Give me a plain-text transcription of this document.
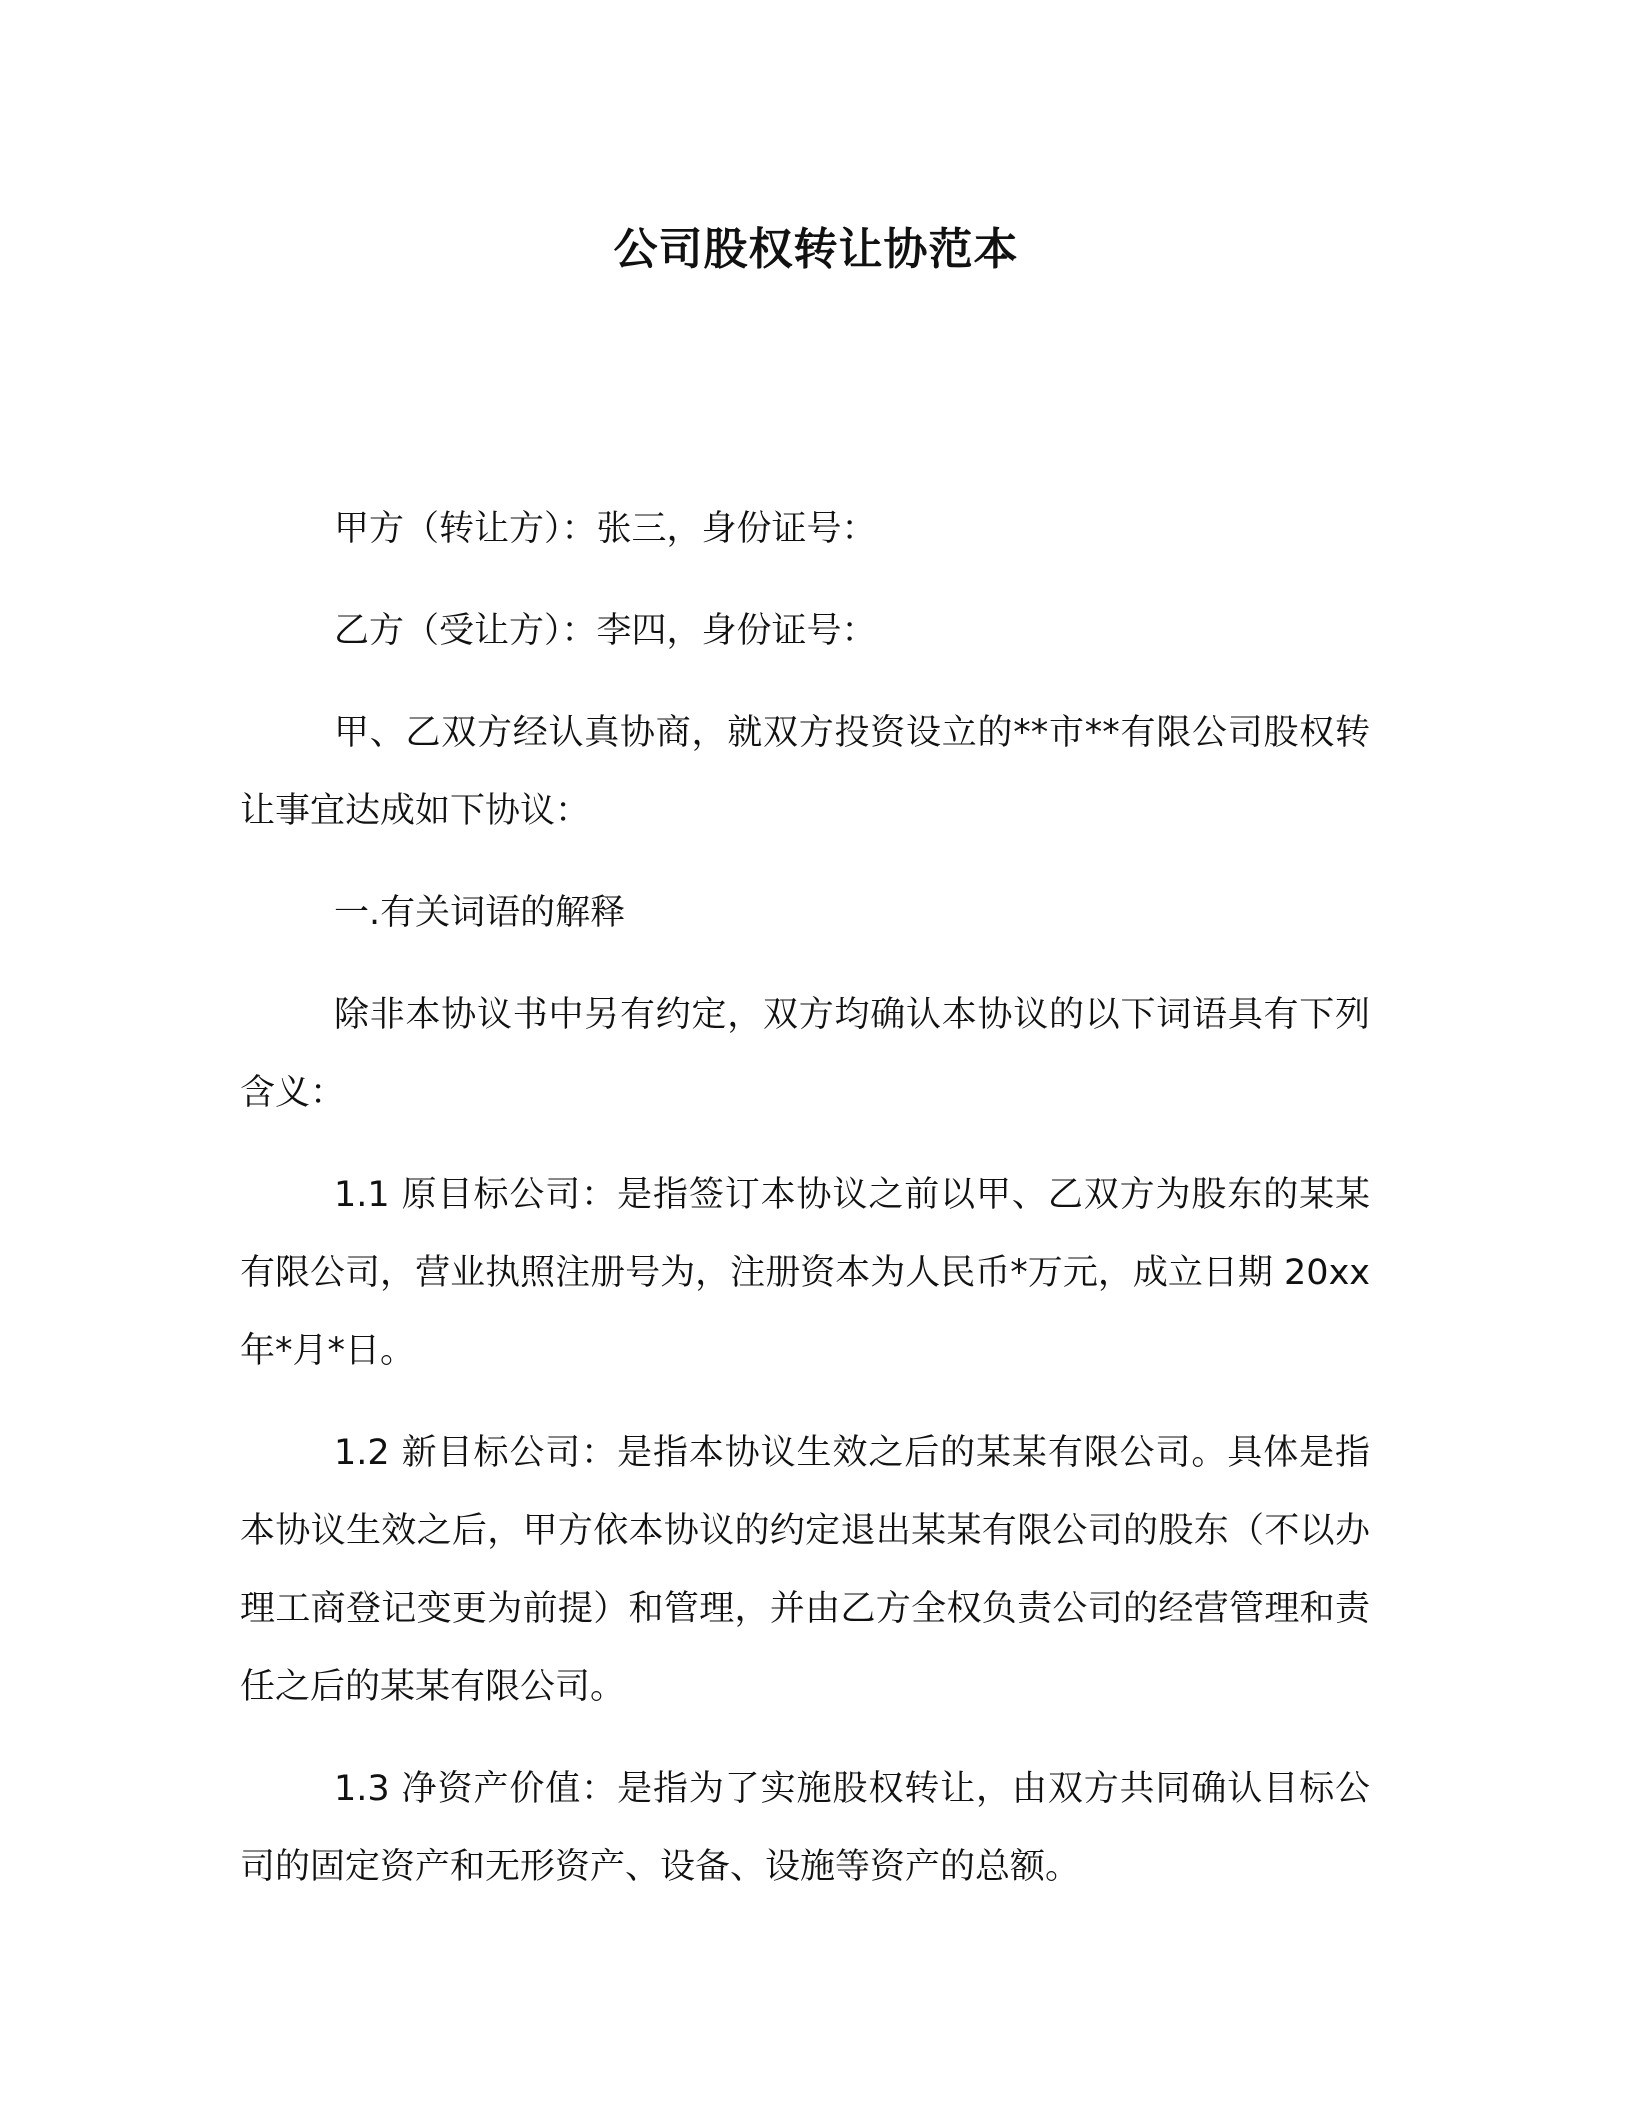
公司股权转让协范本

甲方（转让方）：张三，身份证号：

乙方（受让方）：李四，身份证号：

甲、乙双方经认真协商，就双方投资设立的**市**有限公司股权转让事宜达成如下协议：

一.有关词语的解释

除非本协议书中另有约定，双方均确认本协议的以下词语具有下列含义：

1.1 原目标公司：是指签订本协议之前以甲、乙双方为股东的某某有限公司，营业执照注册号为，注册资本为人民币*万元，成立日期 20xx 年*月*日。

1.2 新目标公司：是指本协议生效之后的某某有限公司。具体是指本协议生效之后，甲方依本协议的约定退出某某有限公司的股东（不以办理工商登记变更为前提）和管理，并由乙方全权负责公司的经营管理和责任之后的某某有限公司。

1.3 净资产价值：是指为了实施股权转让，由双方共同确认目标公司的固定资产和无形资产、设备、设施等资产的总额。
